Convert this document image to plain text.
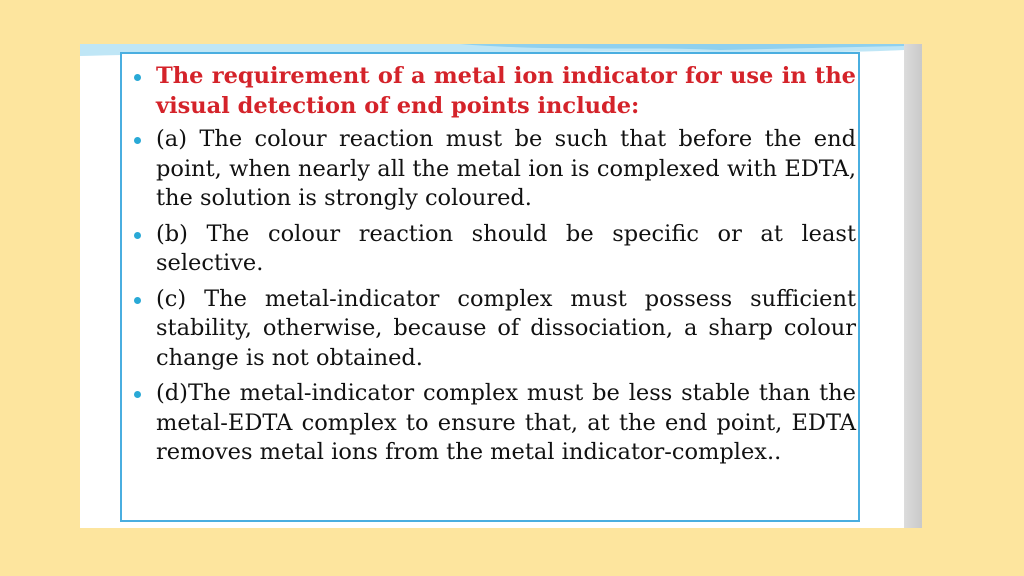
The requirement of a metal ion indicator for use in the visual detection of end points include:
(a) The colour reaction must be such that before the end point, when nearly all the metal ion is complexed with EDTA, the solution is strongly coloured.
(b) The colour reaction should be specific or at least selective.
(c) The metal-indicator complex must possess sufficient stability, otherwise, because of dissociation, a sharp colour change is not obtained.
(d)The metal-indicator complex must be less stable than the metal-EDTA complex to ensure that, at the end point, EDTA removes metal ions from the metal indicator-complex..
